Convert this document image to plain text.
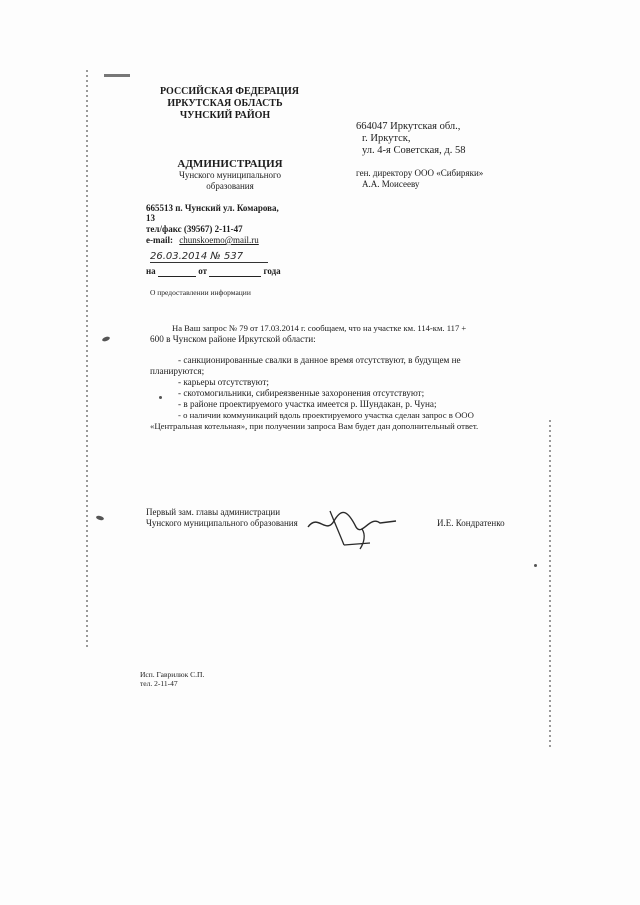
РОССИЙСКАЯ ФЕДЕРАЦИЯ
ИРКУТСКАЯ ОБЛАСТЬ
ЧУНСКИЙ РАЙОН
АДМИНИСТРАЦИЯ
Чунского муниципального
образования
665513 п. Чунский ул. Комарова,
13
тел/факс (39567) 2-11-47
e-mail: chunskoemo@mail.ru
26.03.2014 № 537
на	от	года
О предоставлении информации
664047 Иркутская обл.,
г. Иркутск,
ул. 4-я Советская, д. 58
ген. директору ООО «Сибиряки»
А.А. Моисееву
На Ваш запрос № 79 от 17.03.2014 г. сообщаем, что на участке км. 114-км. 117 +
600 в Чунском районе Иркутской области:
- санкционированные свалки в данное время отсутствуют, в будущем не
планируются;
- карьеры отсутствуют;
- скотомогильники, сибиреязвенные захоронения отсутствуют;
- в районе проектируемого участка имеется р. Шундакан, р. Чуна;
- о наличии коммуникаций вдоль проектируемого участка сделан запрос в ООО
«Центральная котельная», при получении запроса Вам будет дан дополнительный ответ.
Первый зам. главы администрации
Чунского муниципального образования	И.Е. Кондратенко
Исп. Гаврилюк С.П.
тел. 2-11-47
